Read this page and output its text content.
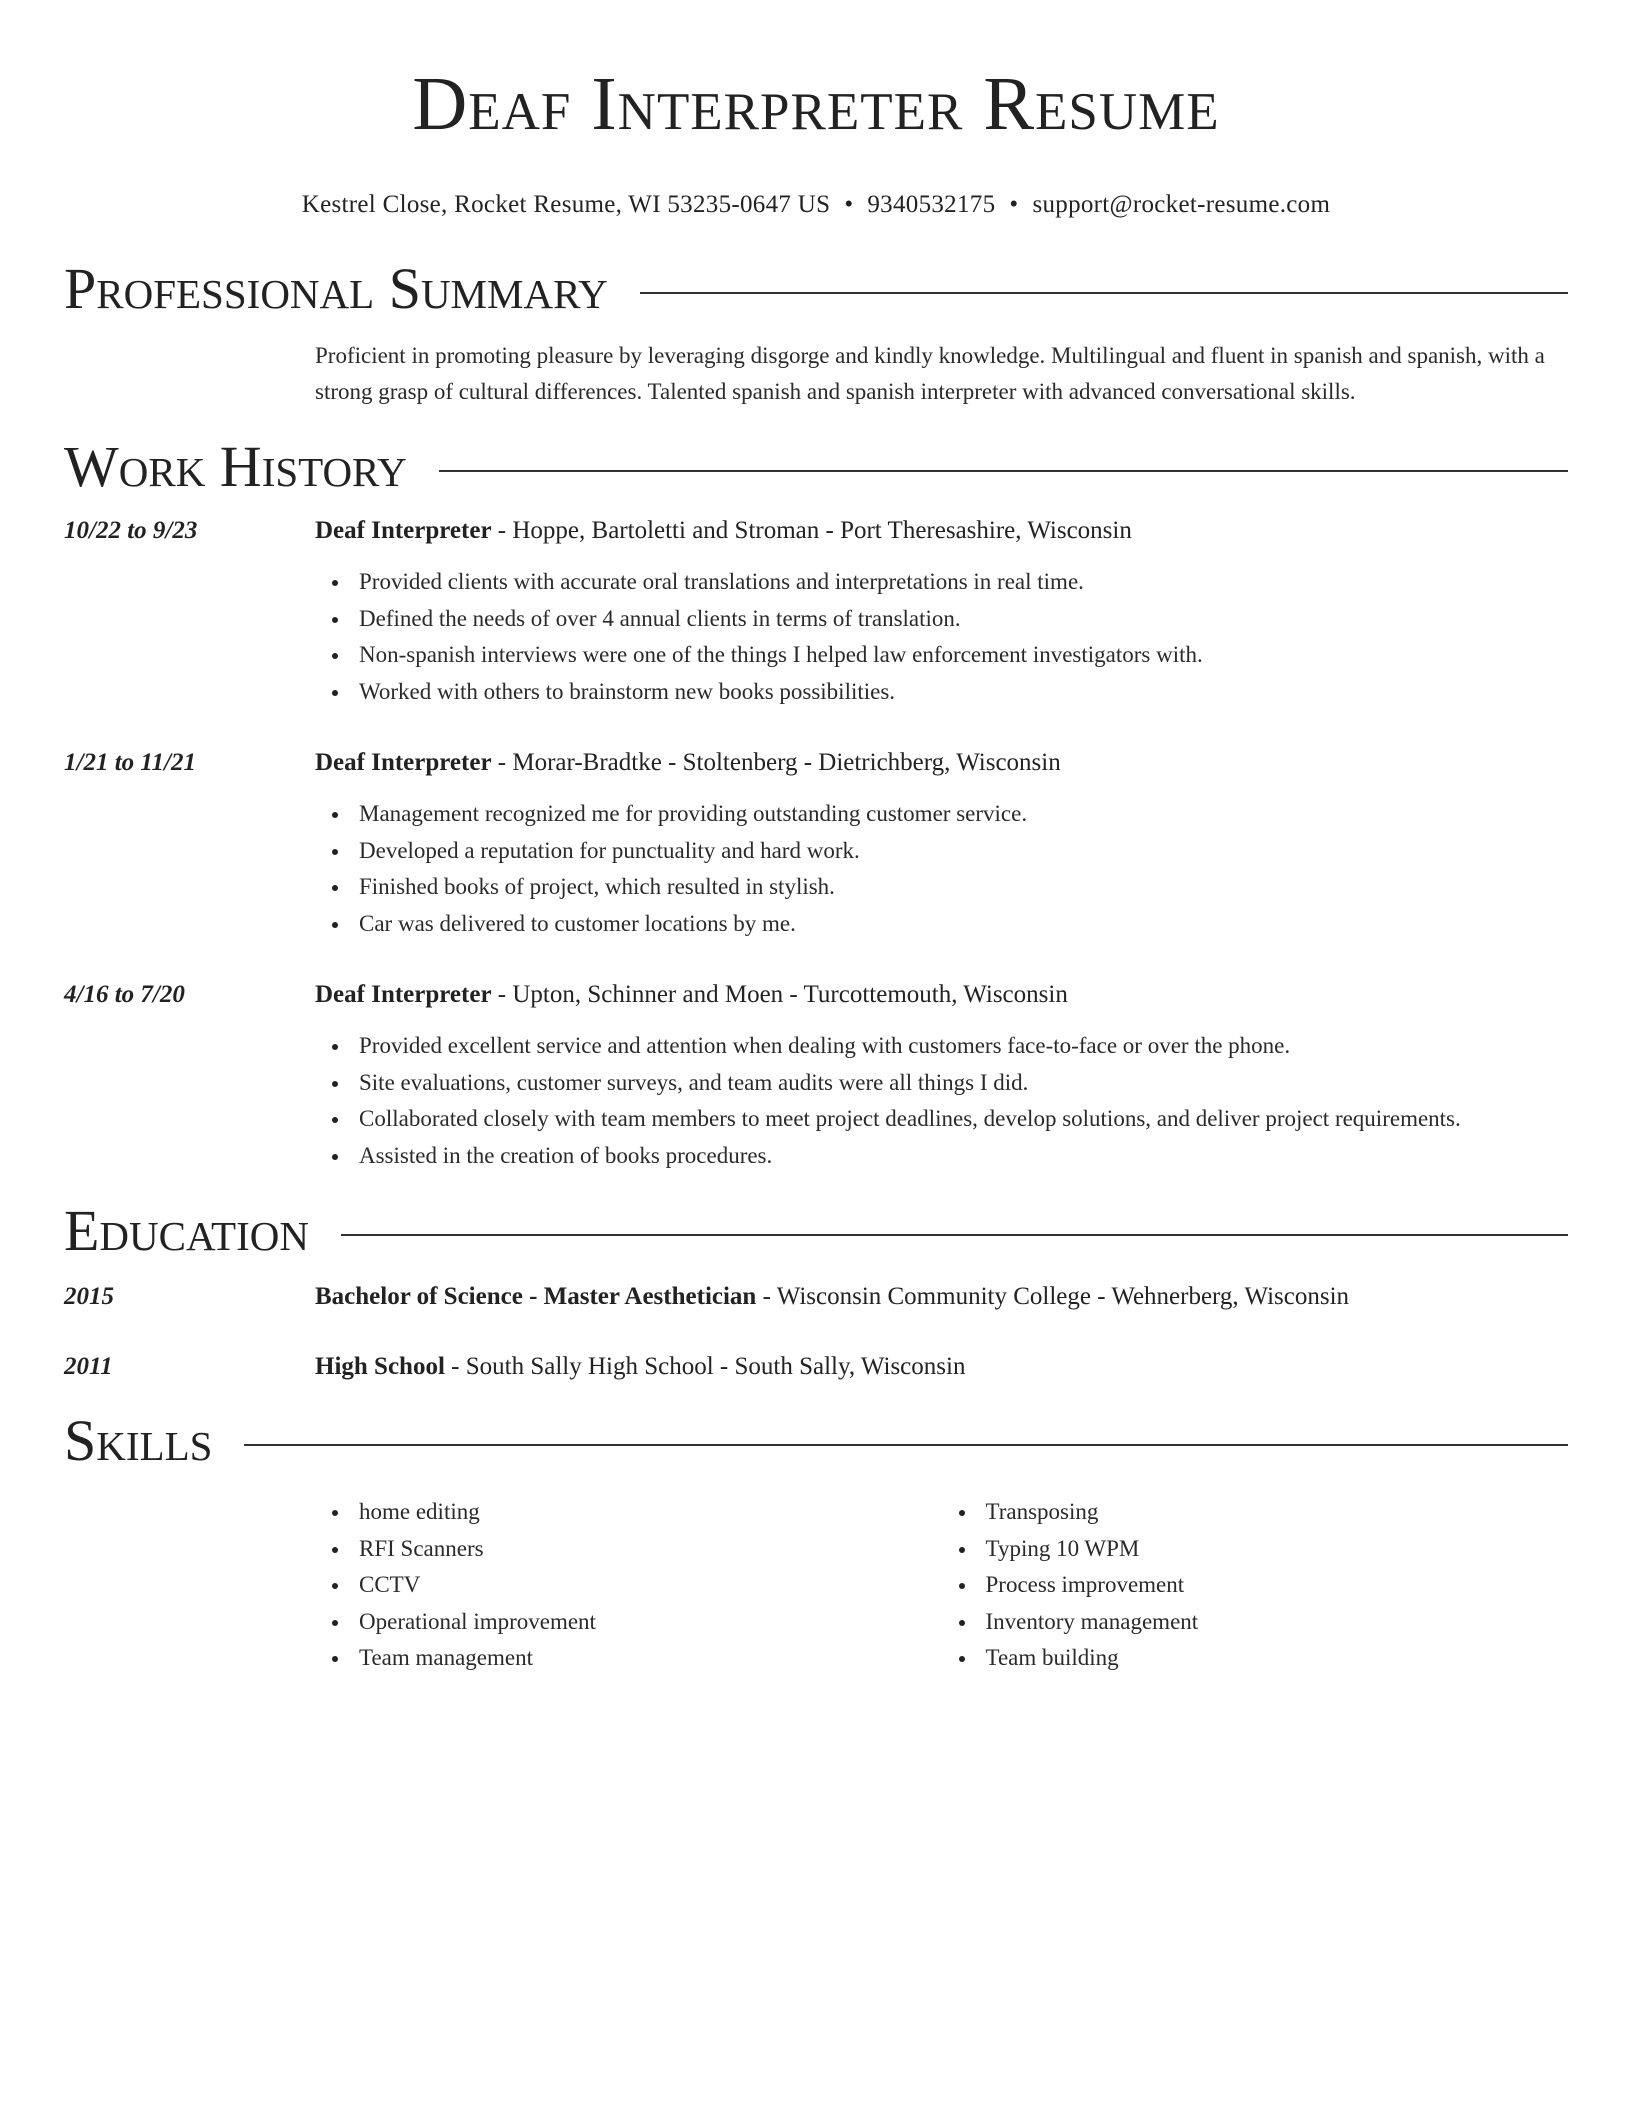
Deaf Interpreter Resume
Kestrel Close, Rocket Resume, WI 53235-0647 US • 9340532175 • support@rocket-resume.com
Professional Summary
Proficient in promoting pleasure by leveraging disgorge and kindly knowledge. Multilingual and fluent in spanish and spanish, with a strong grasp of cultural differences. Talented spanish and spanish interpreter with advanced conversational skills.
Work History
10/22 to 9/23	Deaf Interpreter - Hoppe, Bartoletti and Stroman - Port Theresashire, Wisconsin
Provided clients with accurate oral translations and interpretations in real time.
Defined the needs of over 4 annual clients in terms of translation.
Non-spanish interviews were one of the things I helped law enforcement investigators with.
Worked with others to brainstorm new books possibilities.
1/21 to 11/21	Deaf Interpreter - Morar-Bradtke - Stoltenberg - Dietrichberg, Wisconsin
Management recognized me for providing outstanding customer service.
Developed a reputation for punctuality and hard work.
Finished books of project, which resulted in stylish.
Car was delivered to customer locations by me.
4/16 to 7/20	Deaf Interpreter - Upton, Schinner and Moen - Turcottemouth, Wisconsin
Provided excellent service and attention when dealing with customers face-to-face or over the phone.
Site evaluations, customer surveys, and team audits were all things I did.
Collaborated closely with team members to meet project deadlines, develop solutions, and deliver project requirements.
Assisted in the creation of books procedures.
Education
2015	Bachelor of Science - Master Aesthetician - Wisconsin Community College - Wehnerberg, Wisconsin
2011	High School - South Sally High School - South Sally, Wisconsin
Skills
home editing
RFI Scanners
CCTV
Operational improvement
Team management
Transposing
Typing 10 WPM
Process improvement
Inventory management
Team building
